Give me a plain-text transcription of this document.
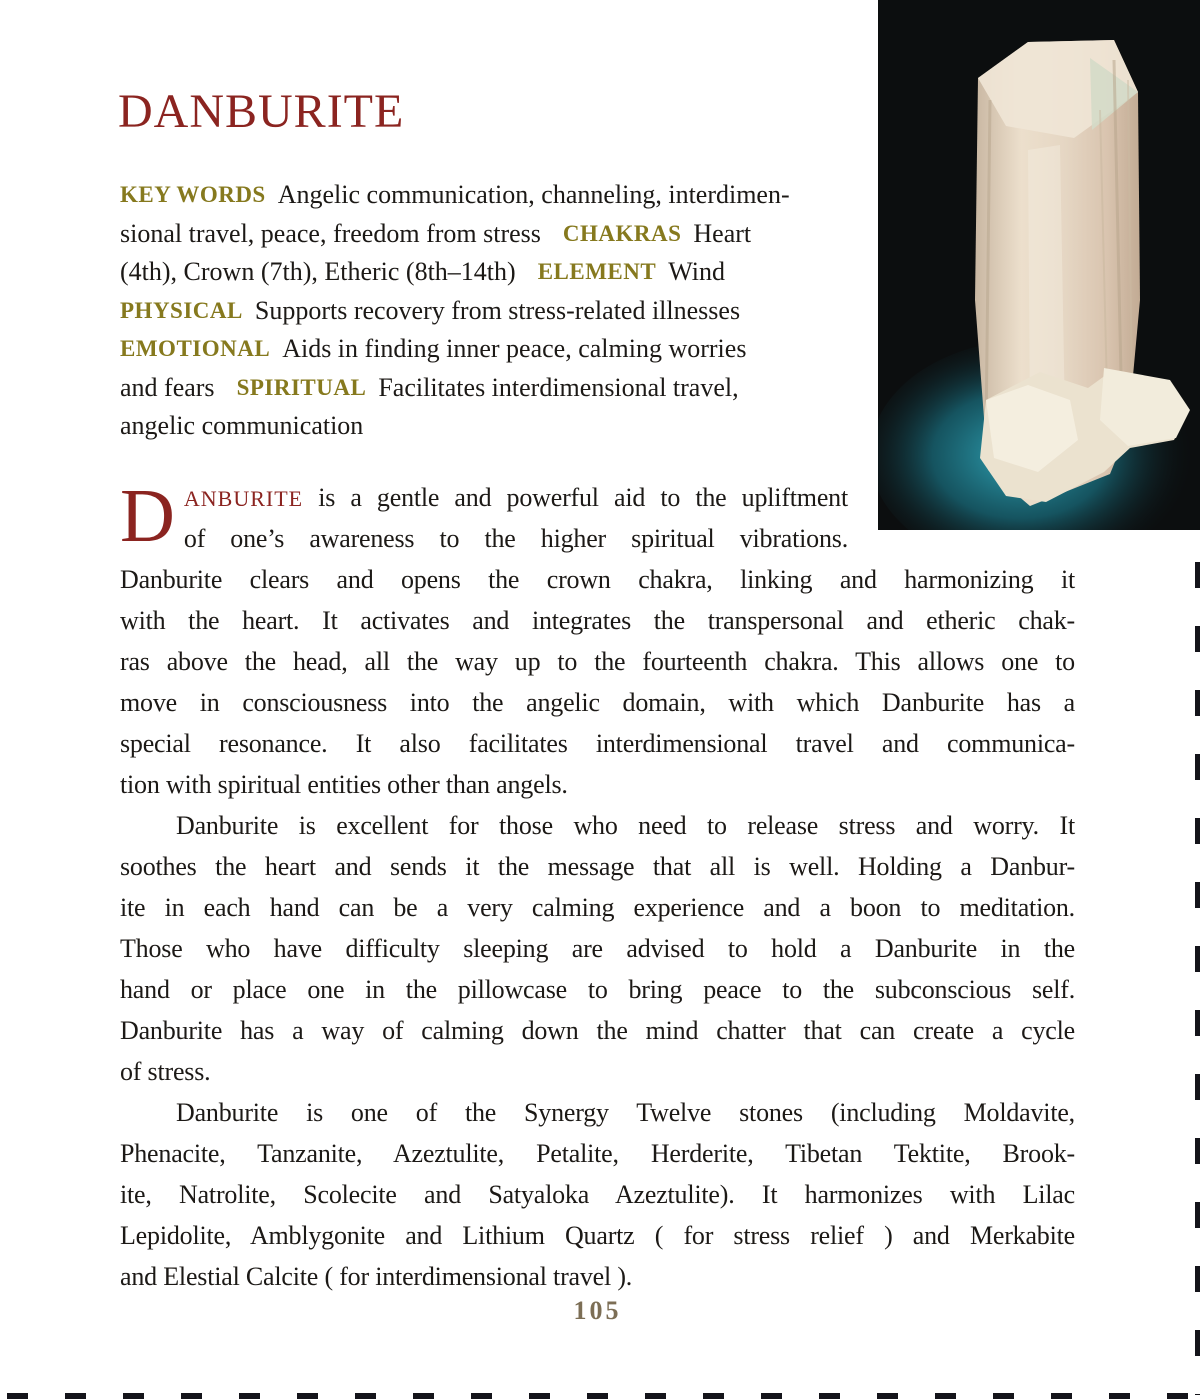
DANBURITE
KEY WORDS Angelic communication, channeling, interdimen-
sional travel, peace, freedom from stress CHAKRAS Heart
(4th), Crown (7th), Etheric (8th–14th) ELEMENT Wind
PHYSICAL Supports recovery from stress-related illnesses
EMOTIONAL Aids in finding inner peace, calming worries
and fears SPIRITUAL Facilitates interdimensional travel,
angelic communication
D ANBURITE is a gentle and powerful aid to the upliftment
of one’s awareness to the higher spiritual vibrations.
Danburite clears and opens the crown chakra, linking and harmonizing it
with the heart. It activates and integrates the transpersonal and etheric chak-
ras above the head, all the way up to the fourteenth chakra. This allows one to
move in consciousness into the angelic domain, with which Danburite has a
special resonance. It also facilitates interdimensional travel and communica-
tion with spiritual entities other than angels.
Danburite is excellent for those who need to release stress and worry. It
soothes the heart and sends it the message that all is well. Holding a Danbur-
ite in each hand can be a very calming experience and a boon to meditation.
Those who have difficulty sleeping are advised to hold a Danburite in the
hand or place one in the pillowcase to bring peace to the subconscious self.
Danburite has a way of calming down the mind chatter that can create a cycle
of stress.
Danburite is one of the Synergy Twelve stones (including Moldavite,
Phenacite, Tanzanite, Azeztulite, Petalite, Herderite, Tibetan Tektite, Brook-
ite, Natrolite, Scolecite and Satyaloka Azeztulite). It harmonizes with Lilac
Lepidolite, Amblygonite and Lithium Quartz ( for stress relief ) and Merkabite
and Elestial Calcite ( for interdimensional travel ).
105
